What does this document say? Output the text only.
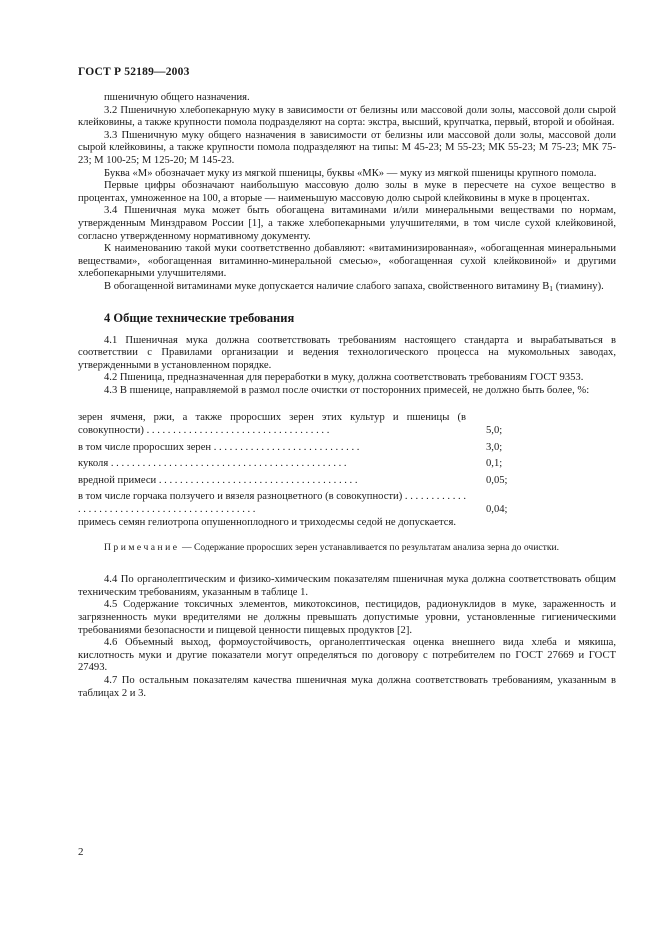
ГОСТ Р 52189—2003

пшеничную общего назначения.

3.2 Пшеничную хлебопекарную муку в зависимости от белизны или массовой доли золы, массовой доли сырой клейковины, а также крупности помола подразделяют на сорта: экстра, высший, крупчатка, первый, второй и обойная.

3.3 Пшеничную муку общего назначения в зависимости от белизны или массовой доли золы, массовой доли сырой клейковины, а также крупности помола подразделяют на типы: М 45-23; М 55-23; МК 55-23; М 75-23; МК 75-23; М 100-25; М 125-20; М 145-23.

Буква «М» обозначает муку из мягкой пшеницы, буквы «МК» — муку из мягкой пшеницы крупного помола.

Первые цифры обозначают наибольшую массовую долю золы в муке в пересчете на сухое вещество в процентах, умноженное на 100, а вторые — наименьшую массовую долю сырой клейковины в муке в процентах.

3.4 Пшеничная мука может быть обогащена витаминами и/или минеральными веществами по нормам, утвержденным Минздравом России [1], а также хлебопекарными улучшителями, в том числе сухой клейковиной, согласно утвержденному нормативному документу.

К наименованию такой муки соответственно добавляют: «витаминизированная», «обогащенная минеральными веществами», «обогащенная витаминно-минеральной смесью», «обогащенная сухой клейковиной» и другими хлебопекарными улучшителями.

В обогащенной витаминами муке допускается наличие слабого запаха, свойственного витамину $В_1$ (тиамину).

4 Общие технические требования

4.1 Пшеничная мука должна соответствовать требованиям настоящего стандарта и вырабатываться в соответствии с Правилами организации и ведения технологического процесса на мукомольных заводах, утвержденными в установленном порядке.

4.2 Пшеница, предназначенная для переработки в муку, должна соответствовать требованиям ГОСТ 9353.

4.3 В пшенице, направляемой в размол после очистки от посторонних примесей, не должно быть более, %:

зерен ячменя, ржи, а также проросших зерен этих культур и пшеницы (в совокупности) . . . . . . . . . . . . . . . . . . . . . . . . . . . . . . . . . . .	5,0;
в том числе проросших зерен . . . . . . . . . . . . . . . . . . . . . . . . . . . .	3,0;
куколя . . . . . . . . . . . . . . . . . . . . . . . . . . . . . . . . . . . . . . . . . . . . .	0,1;
вредной примеси . . . . . . . . . . . . . . . . . . . . . . . . . . . . . . . . . . . . . .	0,05;
в том числе горчака ползучего и вязеля разноцветного (в совокупности) . . . . . . . . . . . . . . . . . . . . . . . . . . . . . . . . . . . . . . . . . . . . . .	0,04;
примесь семян гелиотропа опушенноплодного и триходесмы седой не допускается.

Примечание — Содержание проросших зерен устанавливается по результатам анализа зерна до очистки.

4.4 По органолептическим и физико-химическим показателям пшеничная мука должна соответствовать общим техническим требованиям, указанным в таблице 1.

4.5 Содержание токсичных элементов, микотоксинов, пестицидов, радионуклидов в муке, зараженность и загрязненность муки вредителями не должны превышать допустимые уровни, установленные гигиеническими требованиями безопасности и пищевой ценности пищевых продуктов [2].

4.6 Объемный выход, формоустойчивость, органолептическая оценка внешнего вида хлеба и мякиша, кислотность муки и другие показатели могут определяться по договору с потребителем по ГОСТ 27669 и ГОСТ 27493.

4.7 По остальным показателям качества пшеничная мука должна соответствовать требованиям, указанным в таблицах 2 и 3.

2
